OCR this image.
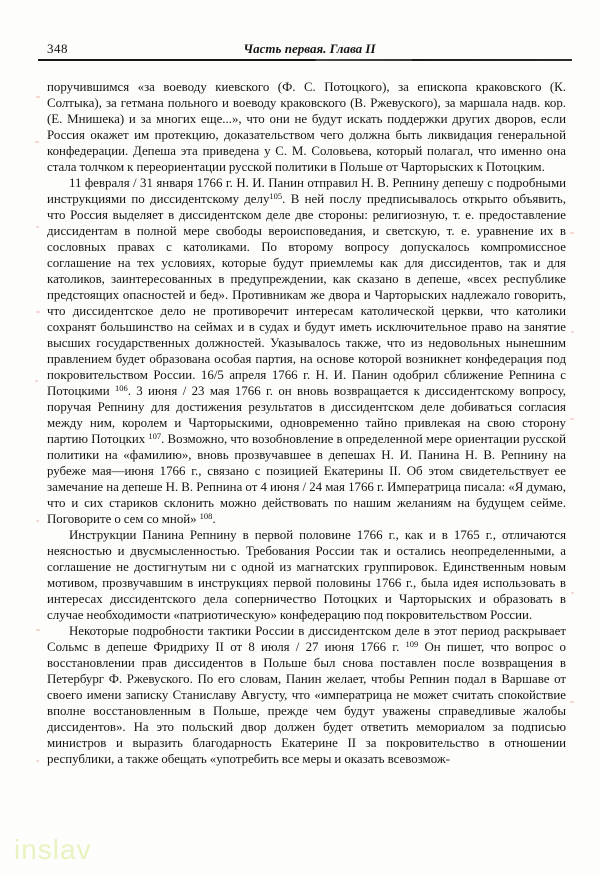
348	Часть первая. Глава II

поручившимся «за воеводу киевского (Ф. С. Потоцкого), за епископа краковского (К. Солтыка), за гетмана польного и воеводу краковского (В. Ржевуского), за маршала надв. кор. (Е. Мнишека) и за многих еще...», что они не будут искать поддержки других дворов, если Россия окажет им протекцию, доказательством чего должна быть ликвидация генеральной конфедерации. Депеша эта приведена у С. М. Соловьева, который полагал, что именно она стала толчком к переориентации русской политики в Польше от Чарторыских к Потоцким.

11 февраля / 31 января 1766 г. Н. И. Панин отправил Н. В. Репнину депешу с подробными инструкциями по диссидентскому делу$^{105}$. В ней послу предписывалось открыто объявить, что Россия выделяет в диссидентском деле две стороны: религиозную, т. е. предоставление диссидентам в полной мере свободы вероисповедания, и светскую, т. е. уравнение их в сословных правах с католиками. По второму вопросу допускалось компромиссное соглашение на тех условиях, которые будут приемлемы как для диссидентов, так и для католиков, заинтересованных в предупреждении, как сказано в депеше, «всех республике предстоящих опасностей и бед». Противникам же двора и Чарторыских надлежало говорить, что диссидентское дело не противоречит интересам католической церкви, что католики сохранят большинство на сеймах и в судах и будут иметь исключительное право на занятие высших государственных должностей. Указывалось также, что из недовольных нынешним правлением будет образована особая партия, на основе которой возникнет конфедерация под покровительством России. 16/5 апреля 1766 г. Н. И. Панин одобрил сближение Репнина с Потоцкими $^{106}$. 3 июня / 23 мая 1766 г. он вновь возвращается к диссидентскому вопросу, поручая Репнину для достижения результатов в диссидентском деле добиваться согласия между ним, королем и Чарторыскими, одновременно тайно привлекая на свою сторону партию Потоцких $^{107}$. Возможно, что возобновление в определенной мере ориентации русской политики на «фамилию», вновь прозвучавшее в депешах Н. И. Панина Н. В. Репнину на рубеже мая—июня 1766 г., связано с позицией Екатерины II. Об этом свидетельствует ее замечание на депеше Н. В. Репнина от 4 июня / 24 мая 1766 г. Императрица писала: «Я думаю, что и сих стариков склонить можно действовать по нашим желаниям на будущем сейме. Поговорите о сем со мной» $^{108}$.

Инструкции Панина Репнину в первой половине 1766 г., как и в 1765 г., отличаются неясностью и двусмысленностью. Требования России так и остались неопределенными, а соглашение не достигнутым ни с одной из магнатских группировок. Единственным новым мотивом, прозвучавшим в инструкциях первой половины 1766 г., была идея использовать в интересах диссидентского дела соперничество Потоцких и Чарторыских и образовать в случае необходимости «патриотическую» конфедерацию под покровительством России.

Некоторые подробности тактики России в диссидентском деле в этот период раскрывает Сольмс в депеше Фридриху II от 8 июля / 27 июня 1766 г. $^{109}$ Он пишет, что вопрос о восстановлении прав диссидентов в Польше был снова поставлен после возвращения в Петербург Ф. Ржевуского. По его словам, Панин желает, чтобы Репнин подал в Варшаве от своего имени записку Станиславу Августу, что «императрица не может считать спокойствие вполне восстановленным в Польше, прежде чем будут уважены справедливые жалобы диссидентов». На это польский двор должен будет ответить мемориалом за подписью министров и выразить благодарность Екатерине II за покровительство в отношении республики, а также обещать «употребить все меры и оказать всевозмож-

inslav
